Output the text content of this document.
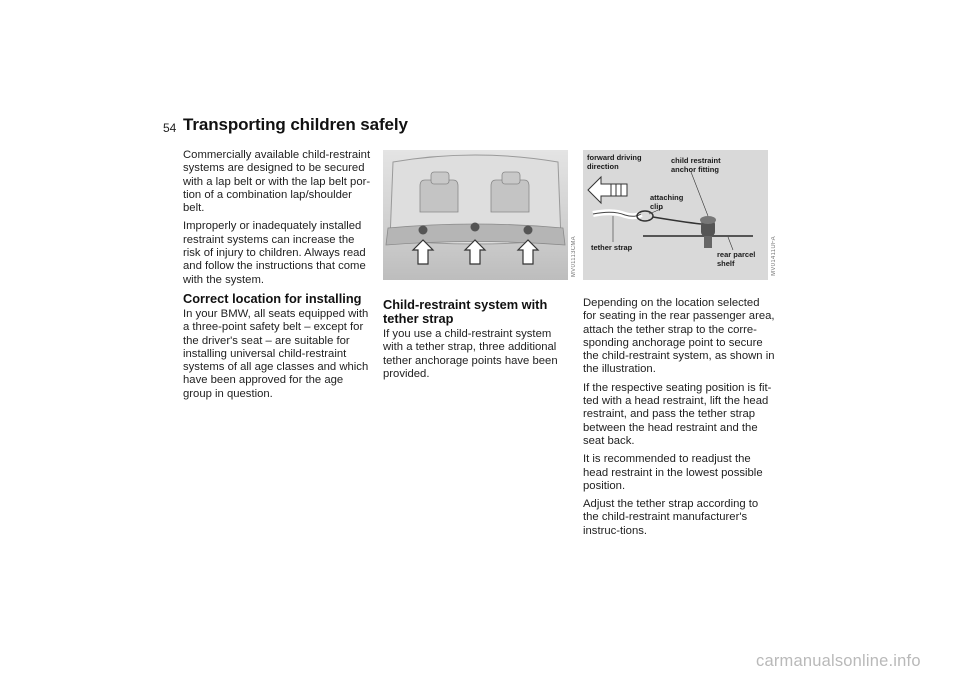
54 Transporting children safely

Commercially available child-restraint systems are designed to be secured with a lap belt or with the lap belt por-tion of a combination lap/shoulder belt.

Improperly or inadequately installed restraint systems can increase the risk of injury to children. Always read and follow the instructions that come with the system.

Correct location for installing

In your BMW, all seats equipped with a three-point safety belt – except for the driver's seat – are suitable for installing universal child-restraint systems of all age classes and which have been approved for the age group in question.

MV01113CMA
forward driving
direction
child restraint
anchor fitting
attaching
clip
tether strap
rear parcel
shelf	MV01411UFA
Child-restraint system with tether strap

If you use a child-restraint system with a tether strap, three additional tether anchorage points have been provided.

Depending on the location selected for seating in the rear passenger area, attach the tether strap to the corre-sponding anchorage point to secure the child-restraint system, as shown in the illustration.

If the respective seating position is fit-ted with a head restraint, lift the head restraint, and pass the tether strap between the head restraint and the seat back.

It is recommended to readjust the head restraint in the lowest possible position.

Adjust the tether strap according to the child-restraint manufacturer's instruc-tions.

carmanualsonline.info
